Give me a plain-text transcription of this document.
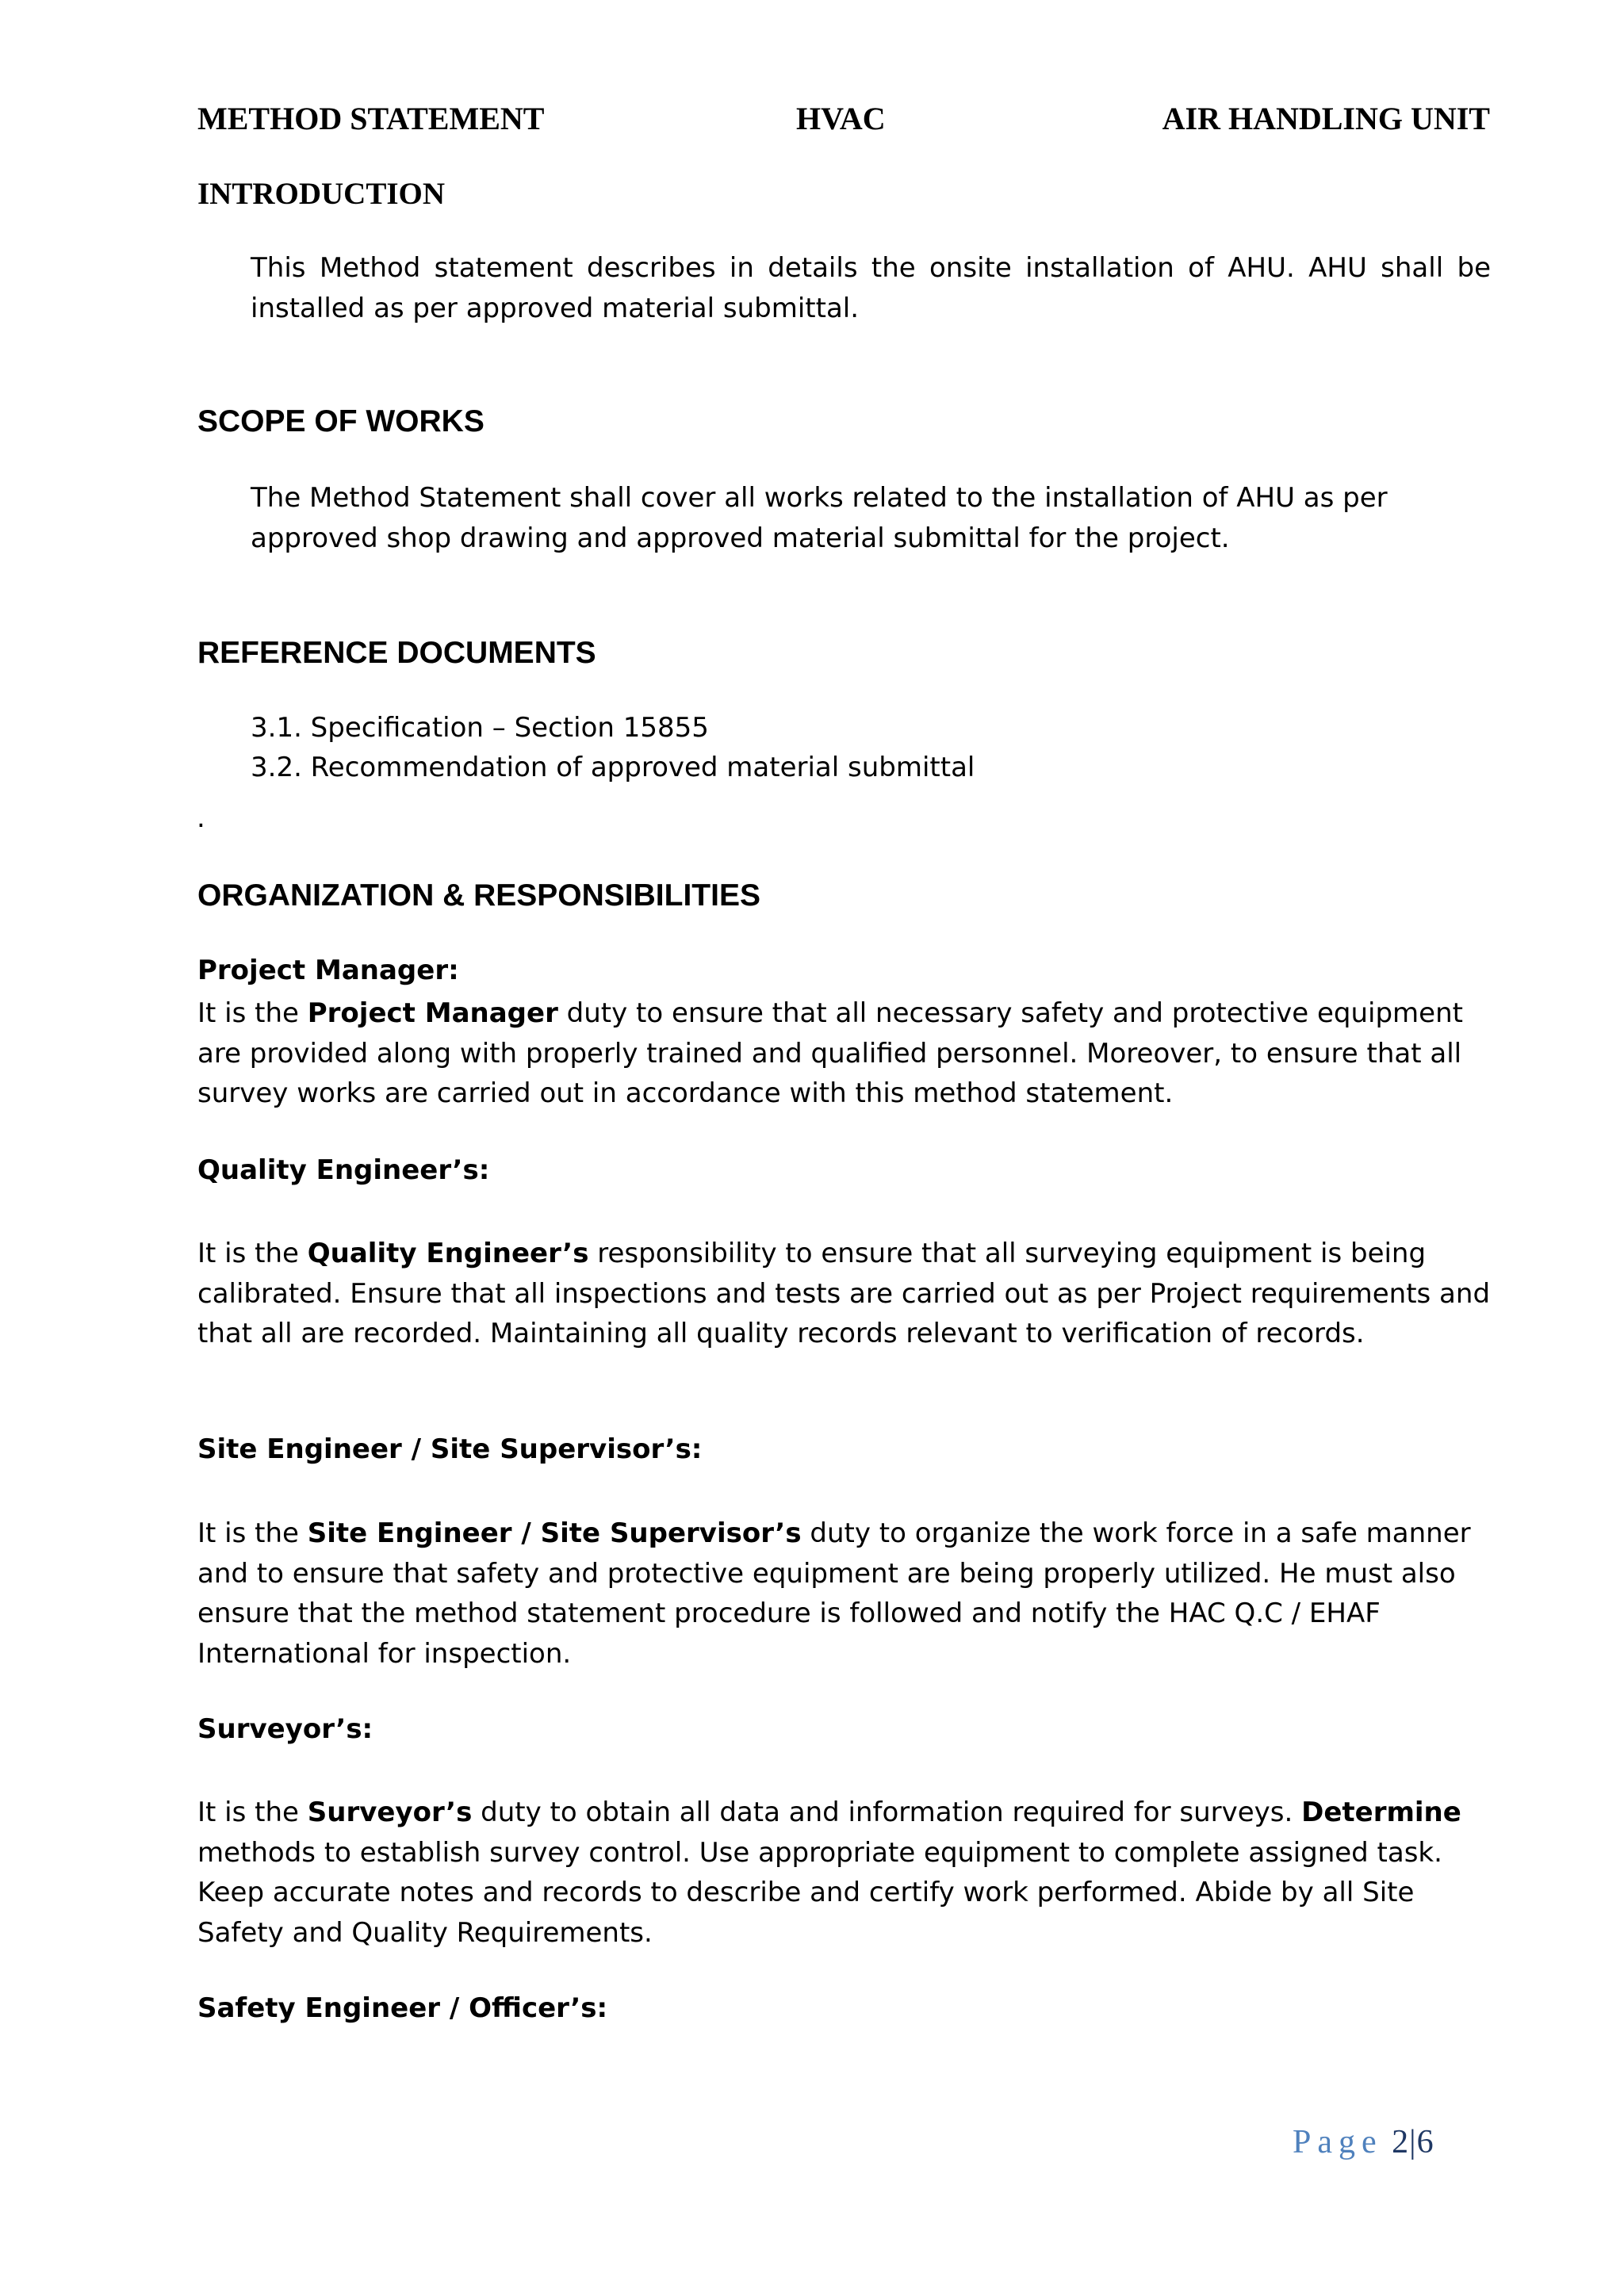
METHOD STATEMENT	HVAC	AIR HANDLING UNIT
INTRODUCTION
This Method statement describes in details the onsite installation of AHU. AHU shall be installed as per approved material submittal.
SCOPE OF WORKS
The Method Statement shall cover all works related to the installation of AHU as per
approved shop drawing and approved material submittal for the project.
REFERENCE DOCUMENTS
3.1. Specification – Section 15855
3.2. Recommendation of approved material submittal
.
ORGANIZATION & RESPONSIBILITIES
Project Manager:
It is the Project Manager duty to ensure that all necessary safety and protective equipment are provided along with properly trained and qualified personnel. Moreover, to ensure that all survey works are carried out in accordance with this method statement.
Quality Engineer’s:
It is the Quality Engineer’s responsibility to ensure that all surveying equipment is being calibrated. Ensure that all inspections and tests are carried out as per Project requirements and that all are recorded. Maintaining all quality records relevant to verification of records.
Site Engineer / Site Supervisor’s:
It is the Site Engineer / Site Supervisor’s duty to organize the work force in a safe manner and to ensure that safety and protective equipment are being properly utilized. He must also ensure that the method statement procedure is followed and notify the HAC Q.C / EHAF International for inspection.
Surveyor’s:
It is the Surveyor’s duty to obtain all data and information required for surveys. Determine methods to establish survey control. Use appropriate equipment to complete assigned task. Keep accurate notes and records to describe and certify work performed. Abide by all Site Safety and Quality Requirements.
Safety Engineer / Officer’s:
Page 2|6
